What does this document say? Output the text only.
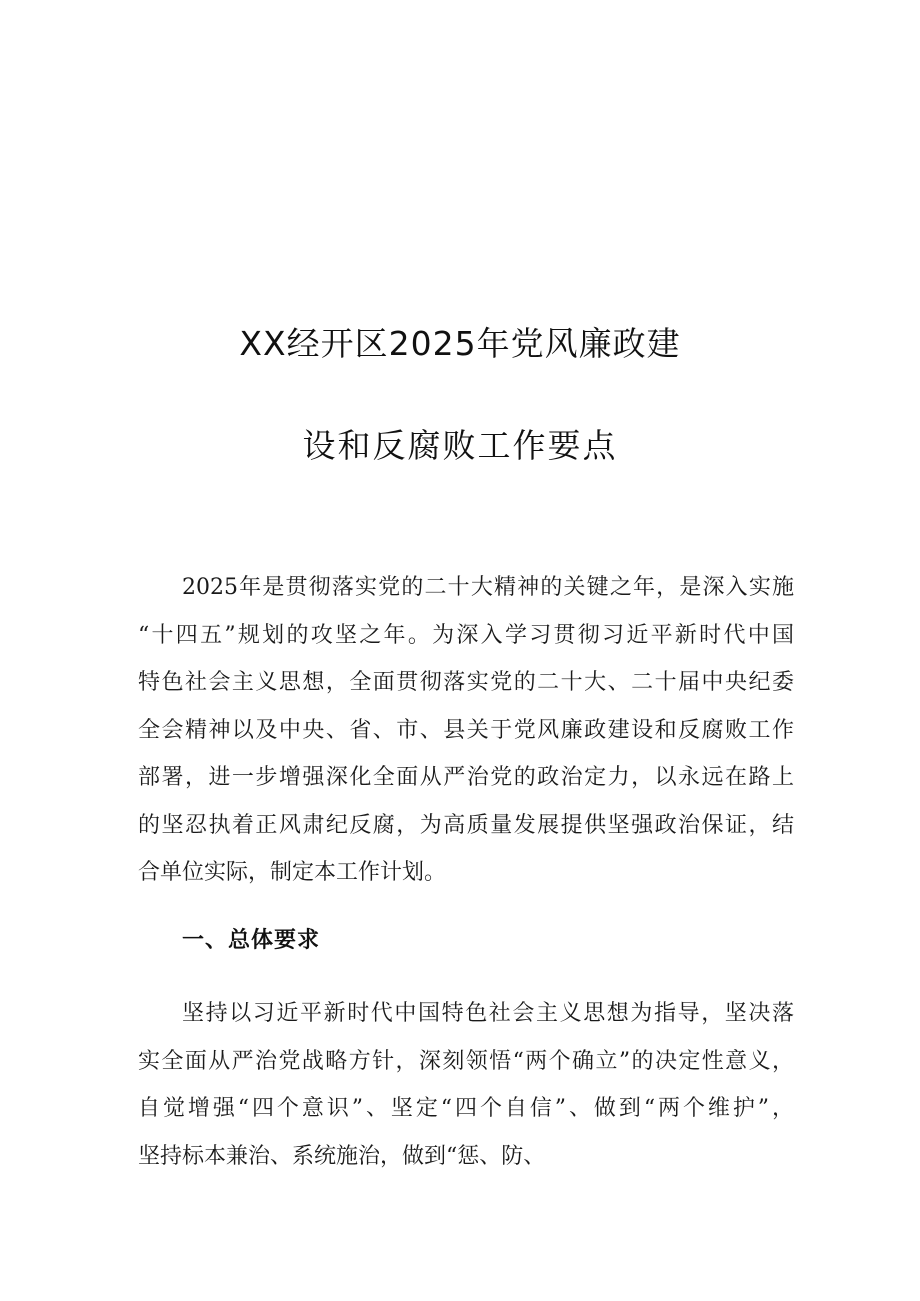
XX经开区2025年党风廉政建
设和反腐败工作要点
2025年是贯彻落实党的二十大精神的关键之年，是深入实施
“十四五”规划的攻坚之年。为深入学习贯彻习近平新时代中国
特色社会主义思想，全面贯彻落实党的二十大、二十届中央纪委
全会精神以及中央、省、市、县关于党风廉政建设和反腐败工作
部署，进一步增强深化全面从严治党的政治定力，以永远在路上
的坚忍执着正风肃纪反腐，为高质量发展提供坚强政治保证，结
合单位实际，制定本工作计划。
一、总体要求
坚持以习近平新时代中国特色社会主义思想为指导，坚决落
实全面从严治党战略方针，深刻领悟“两个确立”的决定性意义，
自觉增强“四个意识”、坚定“四个自信”、做到“两个维护”，
坚持标本兼治、系统施治，做到“惩、防、
